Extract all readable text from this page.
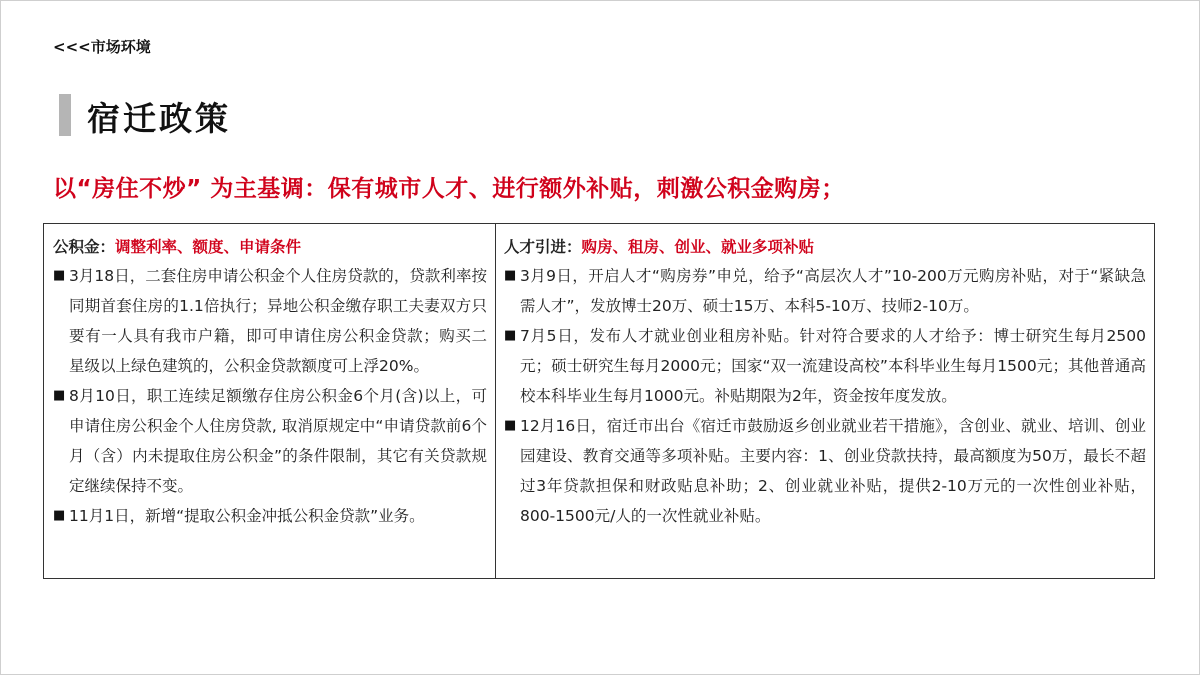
<<<市场环境
宿迁政策
以“房住不炒” 为主基调：保有城市人才、进行额外补贴，刺激公积金购房；
公积金：调整利率、额度、申请条件
■ 3月18日，二套住房申请公积金个人住房贷款的，贷款利率按同期首套住房的1.1倍执行；异地公积金缴存职工夫妻双方只要有一人具有我市户籍，即可申请住房公积金贷款；购买二星级以上绿色建筑的，公积金贷款额度可上浮20%。
■ 8月10日，职工连续足额缴存住房公积金6个月(含)以上，可申请住房公积金个人住房贷款, 取消原规定中“申请贷款前6个月（含）内未提取住房公积金”的条件限制，其它有关贷款规定继续保持不变。
■ 11月1日，新增“提取公积金冲抵公积金贷款”业务。
人才引进：购房、租房、创业、就业多项补贴
■ 3月9日，开启人才“购房券”申兑，给予“高层次人才”10-200万元购房补贴，对于“紧缺急需人才”，发放博士20万、硕士15万、本科5-10万、技师2-10万。
■ 7月5日，发布人才就业创业租房补贴。针对符合要求的人才给予：博士研究生每月2500元；硕士研究生每月2000元；国家“双一流建设高校”本科毕业生每月1500元；其他普通高校本科毕业生每月1000元。补贴期限为2年，资金按年度发放。
■ 12月16日，宿迁市出台《宿迁市鼓励返乡创业就业若干措施》，含创业、就业、培训、创业园建设、教育交通等多项补贴。主要内容：1、创业贷款扶持，最高额度为50万，最长不超过3年贷款担保和财政贴息补助；2、创业就业补贴，提供2-10万元的一次性创业补贴，800-1500元/人的一次性就业补贴。
